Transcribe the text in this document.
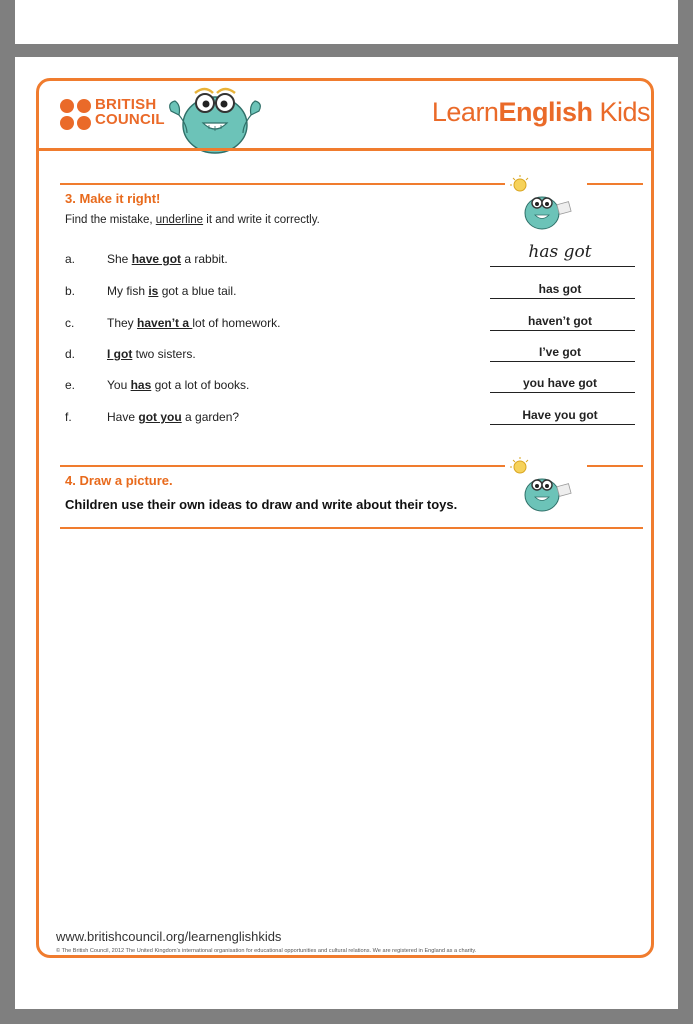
BRITISH
COUNCIL	LearnEnglish Kids
3. Make it right!
Find the mistake, underline it and write it correctly.
a.	She have got a rabbit.	has got
b.	My fish is got a blue tail.	has got
c.	They haven’t a lot of homework.	haven’t got
d.	I got two sisters.	I’ve got
e.	You has got a lot of books.	you have got
f.	Have got you a garden?	Have you got
4. Draw a picture.
Children use their own ideas to draw and write about their toys.
www.britishcouncil.org/learnenglishkids
© The British Council, 2012 The United Kingdom’s international organisation for educational opportunities and cultural relations. We are registered in England as a charity.
